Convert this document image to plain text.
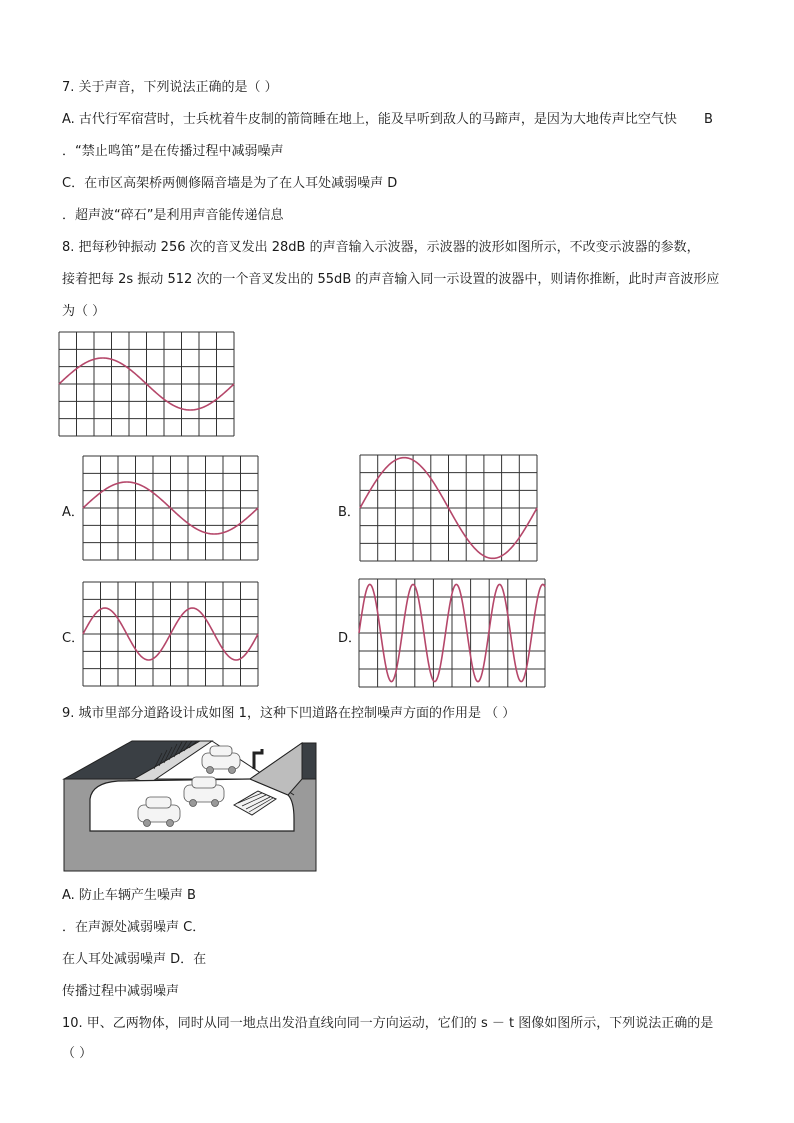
7. 关于声音，下列说法正确的是（ ）
A. 古代行军宿营时，士兵枕着牛皮制的箭筒睡在地上，能及早听到敌人的马蹄声，是因为大地传声比空气快 B
．“禁止鸣笛”是在传播过程中减弱噪声
C．在市区高架桥两侧修隔音墙是为了在人耳处减弱噪声 D
．超声波“碎石”是利用声音能传递信息
8. 把每秒钟振动 256 次的音叉发出 28dB 的声音输入示波器，示波器的波形如图所示，不改变示波器的参数，
接着把每 2s 振动 512 次的一个音叉发出的 55dB 的声音输入同一示设置的波器中，则请你推断，此时声音波形应
为（ ）
A．	B．
C．	D．
9. 城市里部分道路设计成如图 1，这种下凹道路在控制噪声方面的作用是 （ ）
A. 防止车辆产生噪声 B
．在声源处减弱噪声 C．
在人耳处减弱噪声 D．在
传播过程中减弱噪声
10. 甲、乙两物体，同时从同一地点出发沿直线向同一方向运动，它们的 s － t 图像如图所示，下列说法正确的是
（ ）
